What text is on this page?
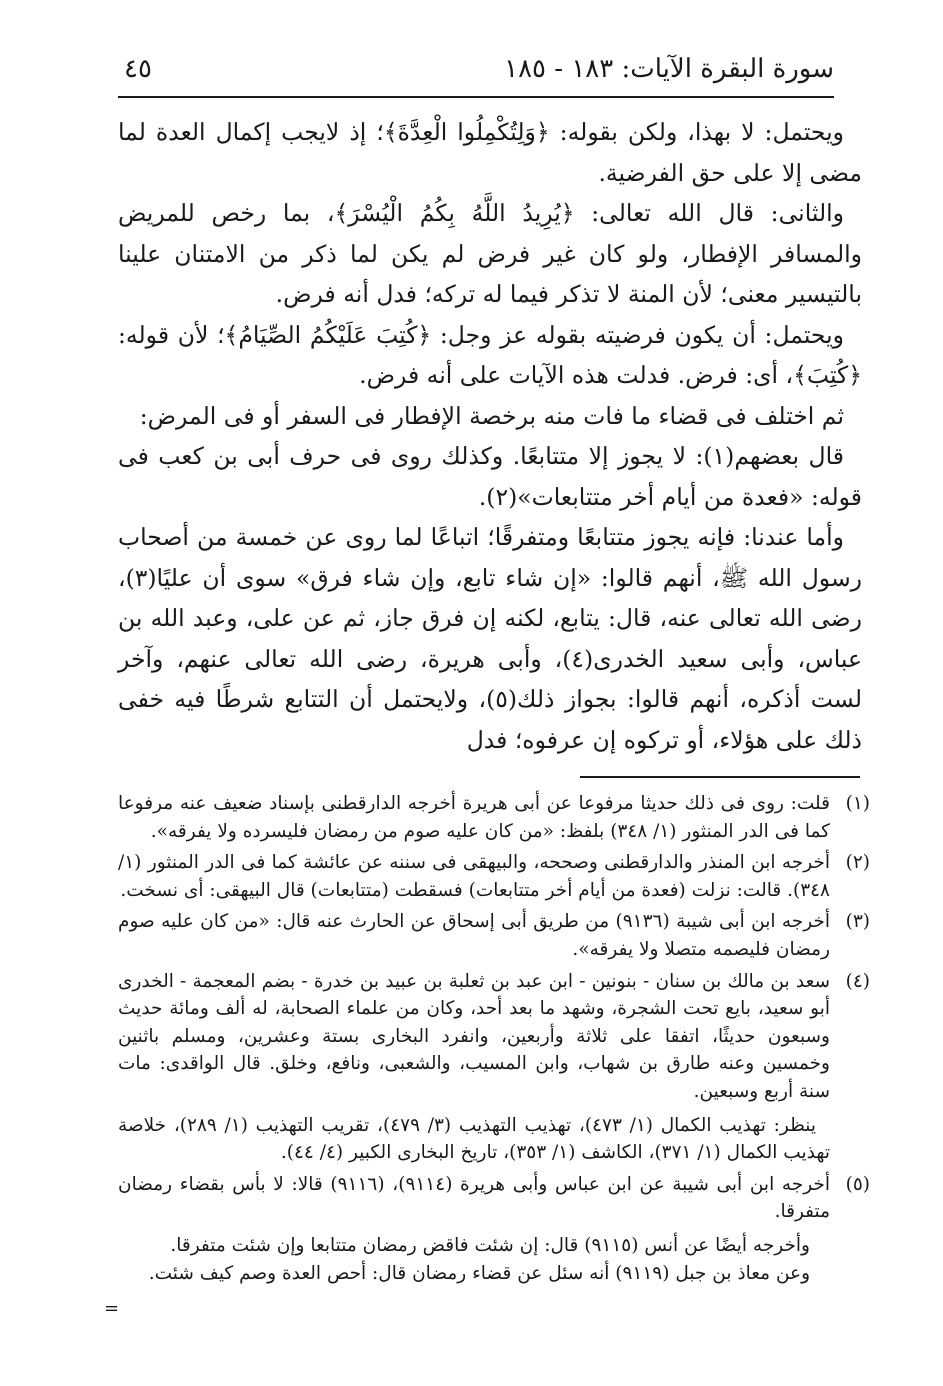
سورة البقرة الآيات: ١٨٣ - ١٨٥
٤٥

ويحتمل: لا بهذا، ولكن بقوله: ﴿وَلِتُكْمِلُوا الْعِدَّةَ﴾؛ إذ لايجب إكمال العدة لما مضى إلا على حق الفرضية.

والثانى: قال الله تعالى: ﴿يُرِيدُ اللَّهُ بِكُمُ الْيُسْرَ﴾، بما رخص للمريض والمسافر الإفطار، ولو كان غير فرض لم يكن لما ذكر من الامتنان علينا بالتيسير معنى؛ لأن المنة لا تذكر فيما له تركه؛ فدل أنه فرض.

ويحتمل: أن يكون فرضيته بقوله عز وجل: ﴿كُتِبَ عَلَيْكُمُ الصِّيَامُ﴾؛ لأن قوله: ﴿كُتِبَ﴾، أى: فرض. فدلت هذه الآيات على أنه فرض.

ثم اختلف فى قضاء ما فات منه برخصة الإفطار فى السفر أو فى المرض:

قال بعضهم(١): لا يجوز إلا متتابعًا. وكذلك روى فى حرف أبى بن كعب فى قوله: «فعدة من أيام أخر متتابعات»(٢).

وأما عندنا: فإنه يجوز متتابعًا ومتفرقًا؛ اتباعًا لما روى عن خمسة من أصحاب رسول الله ﷺ، أنهم قالوا: «إن شاء تابع، وإن شاء فرق» سوى أن عليًا(٣)، رضى الله تعالى عنه، قال: يتابع، لكنه إن فرق جاز، ثم عن على، وعبد الله بن عباس، وأبى سعيد الخدرى(٤)، وأبى هريرة، رضى الله تعالى عنهم، وآخر لست أذكره، أنهم قالوا: بجواز ذلك(٥)، ولايحتمل أن التتابع شرطًا فيه خفى ذلك على هؤلاء، أو تركوه إن عرفوه؛ فدل

(١)

قلت: روى فى ذلك حديثا مرفوعا عن أبى هريرة أخرجه الدارقطنى بإسناد ضعيف عنه مرفوعا كما فى الدر المنثور (١/ ٣٤٨) بلفظ: «من كان عليه صوم من رمضان فليسرده ولا يفرقه».

(٢)

أخرجه ابن المنذر والدارقطنى وصححه، والبيهقى فى سننه عن عائشة كما فى الدر المنثور (١/ ٣٤٨). قالت: نزلت (فعدة من أيام أخر متتابعات) فسقطت (متتابعات) قال البيهقى: أى نسخت.

(٣)

أخرجه ابن أبى شيبة (٩١٣٦) من طريق أبى إسحاق عن الحارث عنه قال: «من كان عليه صوم رمضان فليصمه متصلا ولا يفرقه».

(٤)

سعد بن مالك بن سنان - بنونين - ابن عبد بن ثعلبة بن عبيد بن خدرة - بضم المعجمة - الخدرى أبو سعيد، بايع تحت الشجرة، وشهد ما بعد أحد، وكان من علماء الصحابة، له ألف ومائة حديث وسبعون حديثًا، اتفقا على ثلاثة وأربعين، وانفرد البخارى بستة وعشرين، ومسلم باثنين وخمسين وعنه طارق بن شهاب، وابن المسيب، والشعبى، ونافع، وخلق. قال الواقدى: مات سنة أربع وسبعين.

ينظر: تهذيب الكمال (١/ ٤٧٣)، تهذيب التهذيب (٣/ ٤٧٩)، تقريب التهذيب (١/ ٢٨٩)، خلاصة تهذيب الكمال (١/ ٣٧١)، الكاشف (١/ ٣٥٣)، تاريخ البخارى الكبير (٤/ ٤٤).

(٥)

أخرجه ابن أبى شيبة عن ابن عباس وأبى هريرة (٩١١٤)، (٩١١٦) قالا: لا بأس بقضاء رمضان متفرقا.

وأخرجه أيضًا عن أنس (٩١١٥) قال: إن شئت فاقض رمضان متتابعا وإن شئت متفرقا.

وعن معاذ بن جبل (٩١١٩) أنه سئل عن قضاء رمضان قال: أحص العدة وصم كيف شئت.

=
